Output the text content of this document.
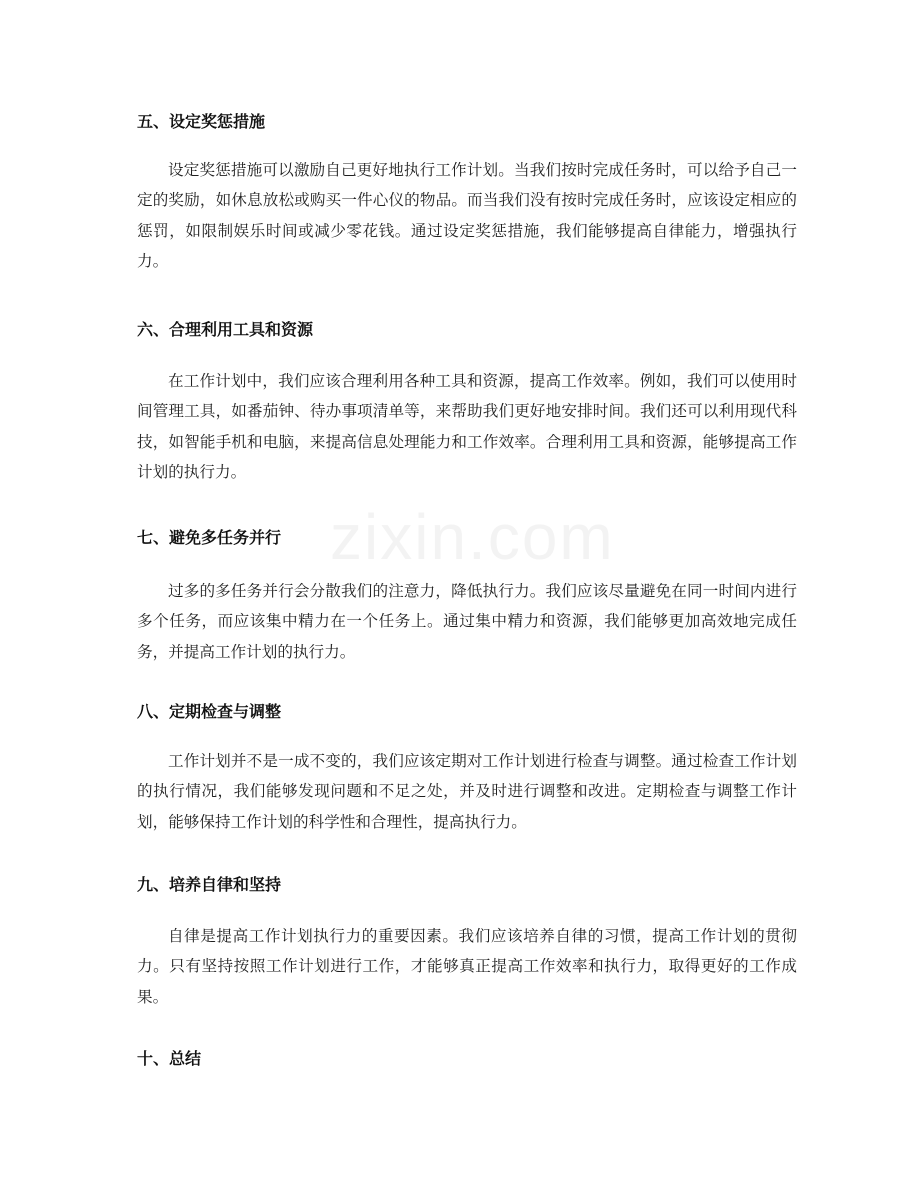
zixin.com
五、设定奖惩措施

设定奖惩措施可以激励自己更好地执行工作计划。当我们按时完成任务时，可以给予自己一定的奖励，如休息放松或购买一件心仪的物品。而当我们没有按时完成任务时，应该设定相应的惩罚，如限制娱乐时间或减少零花钱。通过设定奖惩措施，我们能够提高自律能力，增强执行力。

六、合理利用工具和资源

在工作计划中，我们应该合理利用各种工具和资源，提高工作效率。例如，我们可以使用时间管理工具，如番茄钟、待办事项清单等，来帮助我们更好地安排时间。我们还可以利用现代科技，如智能手机和电脑，来提高信息处理能力和工作效率。合理利用工具和资源，能够提高工作计划的执行力。

七、避免多任务并行

过多的多任务并行会分散我们的注意力，降低执行力。我们应该尽量避免在同一时间内进行多个任务，而应该集中精力在一个任务上。通过集中精力和资源，我们能够更加高效地完成任务，并提高工作计划的执行力。

八、定期检查与调整

工作计划并不是一成不变的，我们应该定期对工作计划进行检查与调整。通过检查工作计划的执行情况，我们能够发现问题和不足之处，并及时进行调整和改进。定期检查与调整工作计划，能够保持工作计划的科学性和合理性，提高执行力。

九、培养自律和坚持

自律是提高工作计划执行力的重要因素。我们应该培养自律的习惯，提高工作计划的贯彻力。只有坚持按照工作计划进行工作，才能够真正提高工作效率和执行力，取得更好的工作成果。

十、总结
